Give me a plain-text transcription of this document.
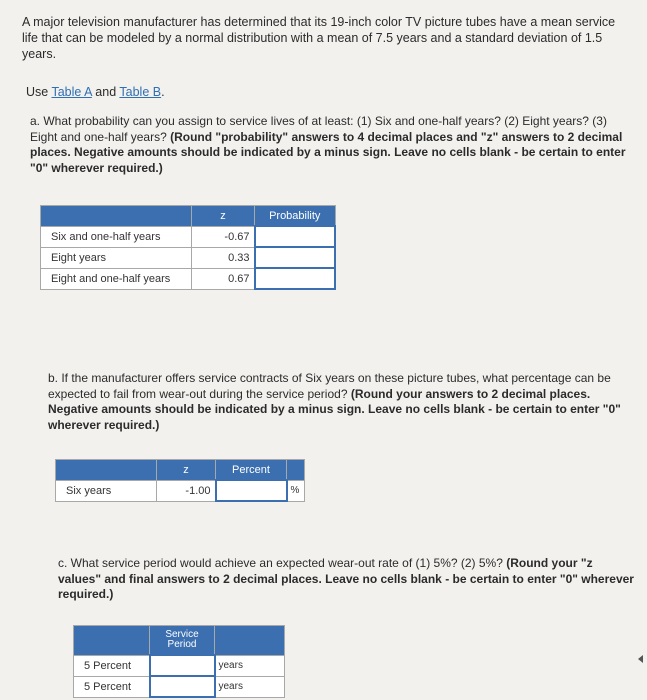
A major television manufacturer has determined that its 19-inch color TV picture tubes have a mean service life that can be modeled by a normal distribution with a mean of 7.5 years and a standard deviation of 1.5 years.
Use Table A and Table B.
a. What probability can you assign to service lives of at least: (1) Six and one-half years? (2) Eight years? (3) Eight and one-half years? (Round "probability" answers to 4 decimal places and "z" answers to 2 decimal places. Negative amounts should be indicated by a minus sign. Leave no cells blank - be certain to enter "0" wherever required.)
	z	Probability
Six and one-half years	-0.67	
Eight years	0.33	
Eight and one-half years	0.67	
b. If the manufacturer offers service contracts of Six years on these picture tubes, what percentage can be expected to fail from wear-out during the service period? (Round your answers to 2 decimal places. Negative amounts should be indicated by a minus sign. Leave no cells blank - be certain to enter "0" wherever required.)
	z	Percent	
Six years	-1.00		%
c. What service period would achieve an expected wear-out rate of (1) 5%? (2) 5%? (Round your "z values" and final answers to 2 decimal places. Leave no cells blank - be certain to enter "0" wherever required.)
	Service Period	
5 Percent		years
5 Percent		years
